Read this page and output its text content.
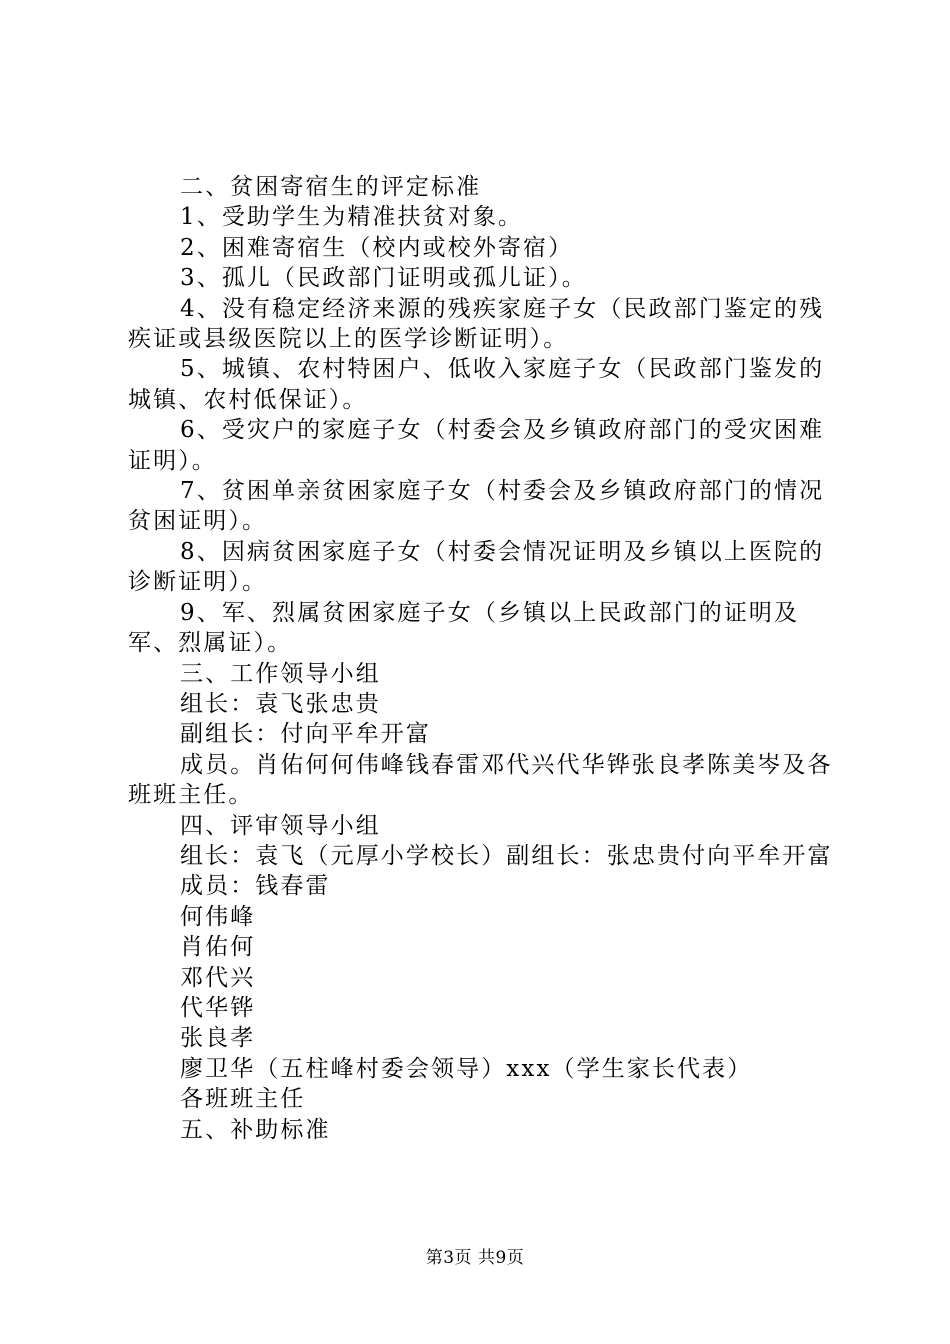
二、贫困寄宿生的评定标准

1、受助学生为精准扶贫对象。

2、困难寄宿生（校内或校外寄宿）

3、孤儿（民政部门证明或孤儿证）。

4、没有稳定经济来源的残疾家庭子女（民政部门鉴定的残疾证或县级医院以上的医学诊断证明）。

5、城镇、农村特困户、低收入家庭子女（民政部门鉴发的城镇、农村低保证）。

6、受灾户的家庭子女（村委会及乡镇政府部门的受灾困难证明）。

7、贫困单亲贫困家庭子女（村委会及乡镇政府部门的情况贫困证明）。

8、因病贫困家庭子女（村委会情况证明及乡镇以上医院的诊断证明）。

9、军、烈属贫困家庭子女（乡镇以上民政部门的证明及军、烈属证）。

三、工作领导小组

组长：袁飞张忠贵

副组长：付向平牟开富

成员。肖佑何何伟峰钱春雷邓代兴代华铧张良孝陈美岑及各班班主任。

四、评审领导小组

组长：袁飞（元厚小学校长）副组长：张忠贵付向平牟开富

成员：钱春雷

何伟峰

肖佑何

邓代兴

代华铧

张良孝

廖卫华（五柱峰村委会领导）xxx（学生家长代表）

各班班主任

五、补助标准

第3页 共9页
